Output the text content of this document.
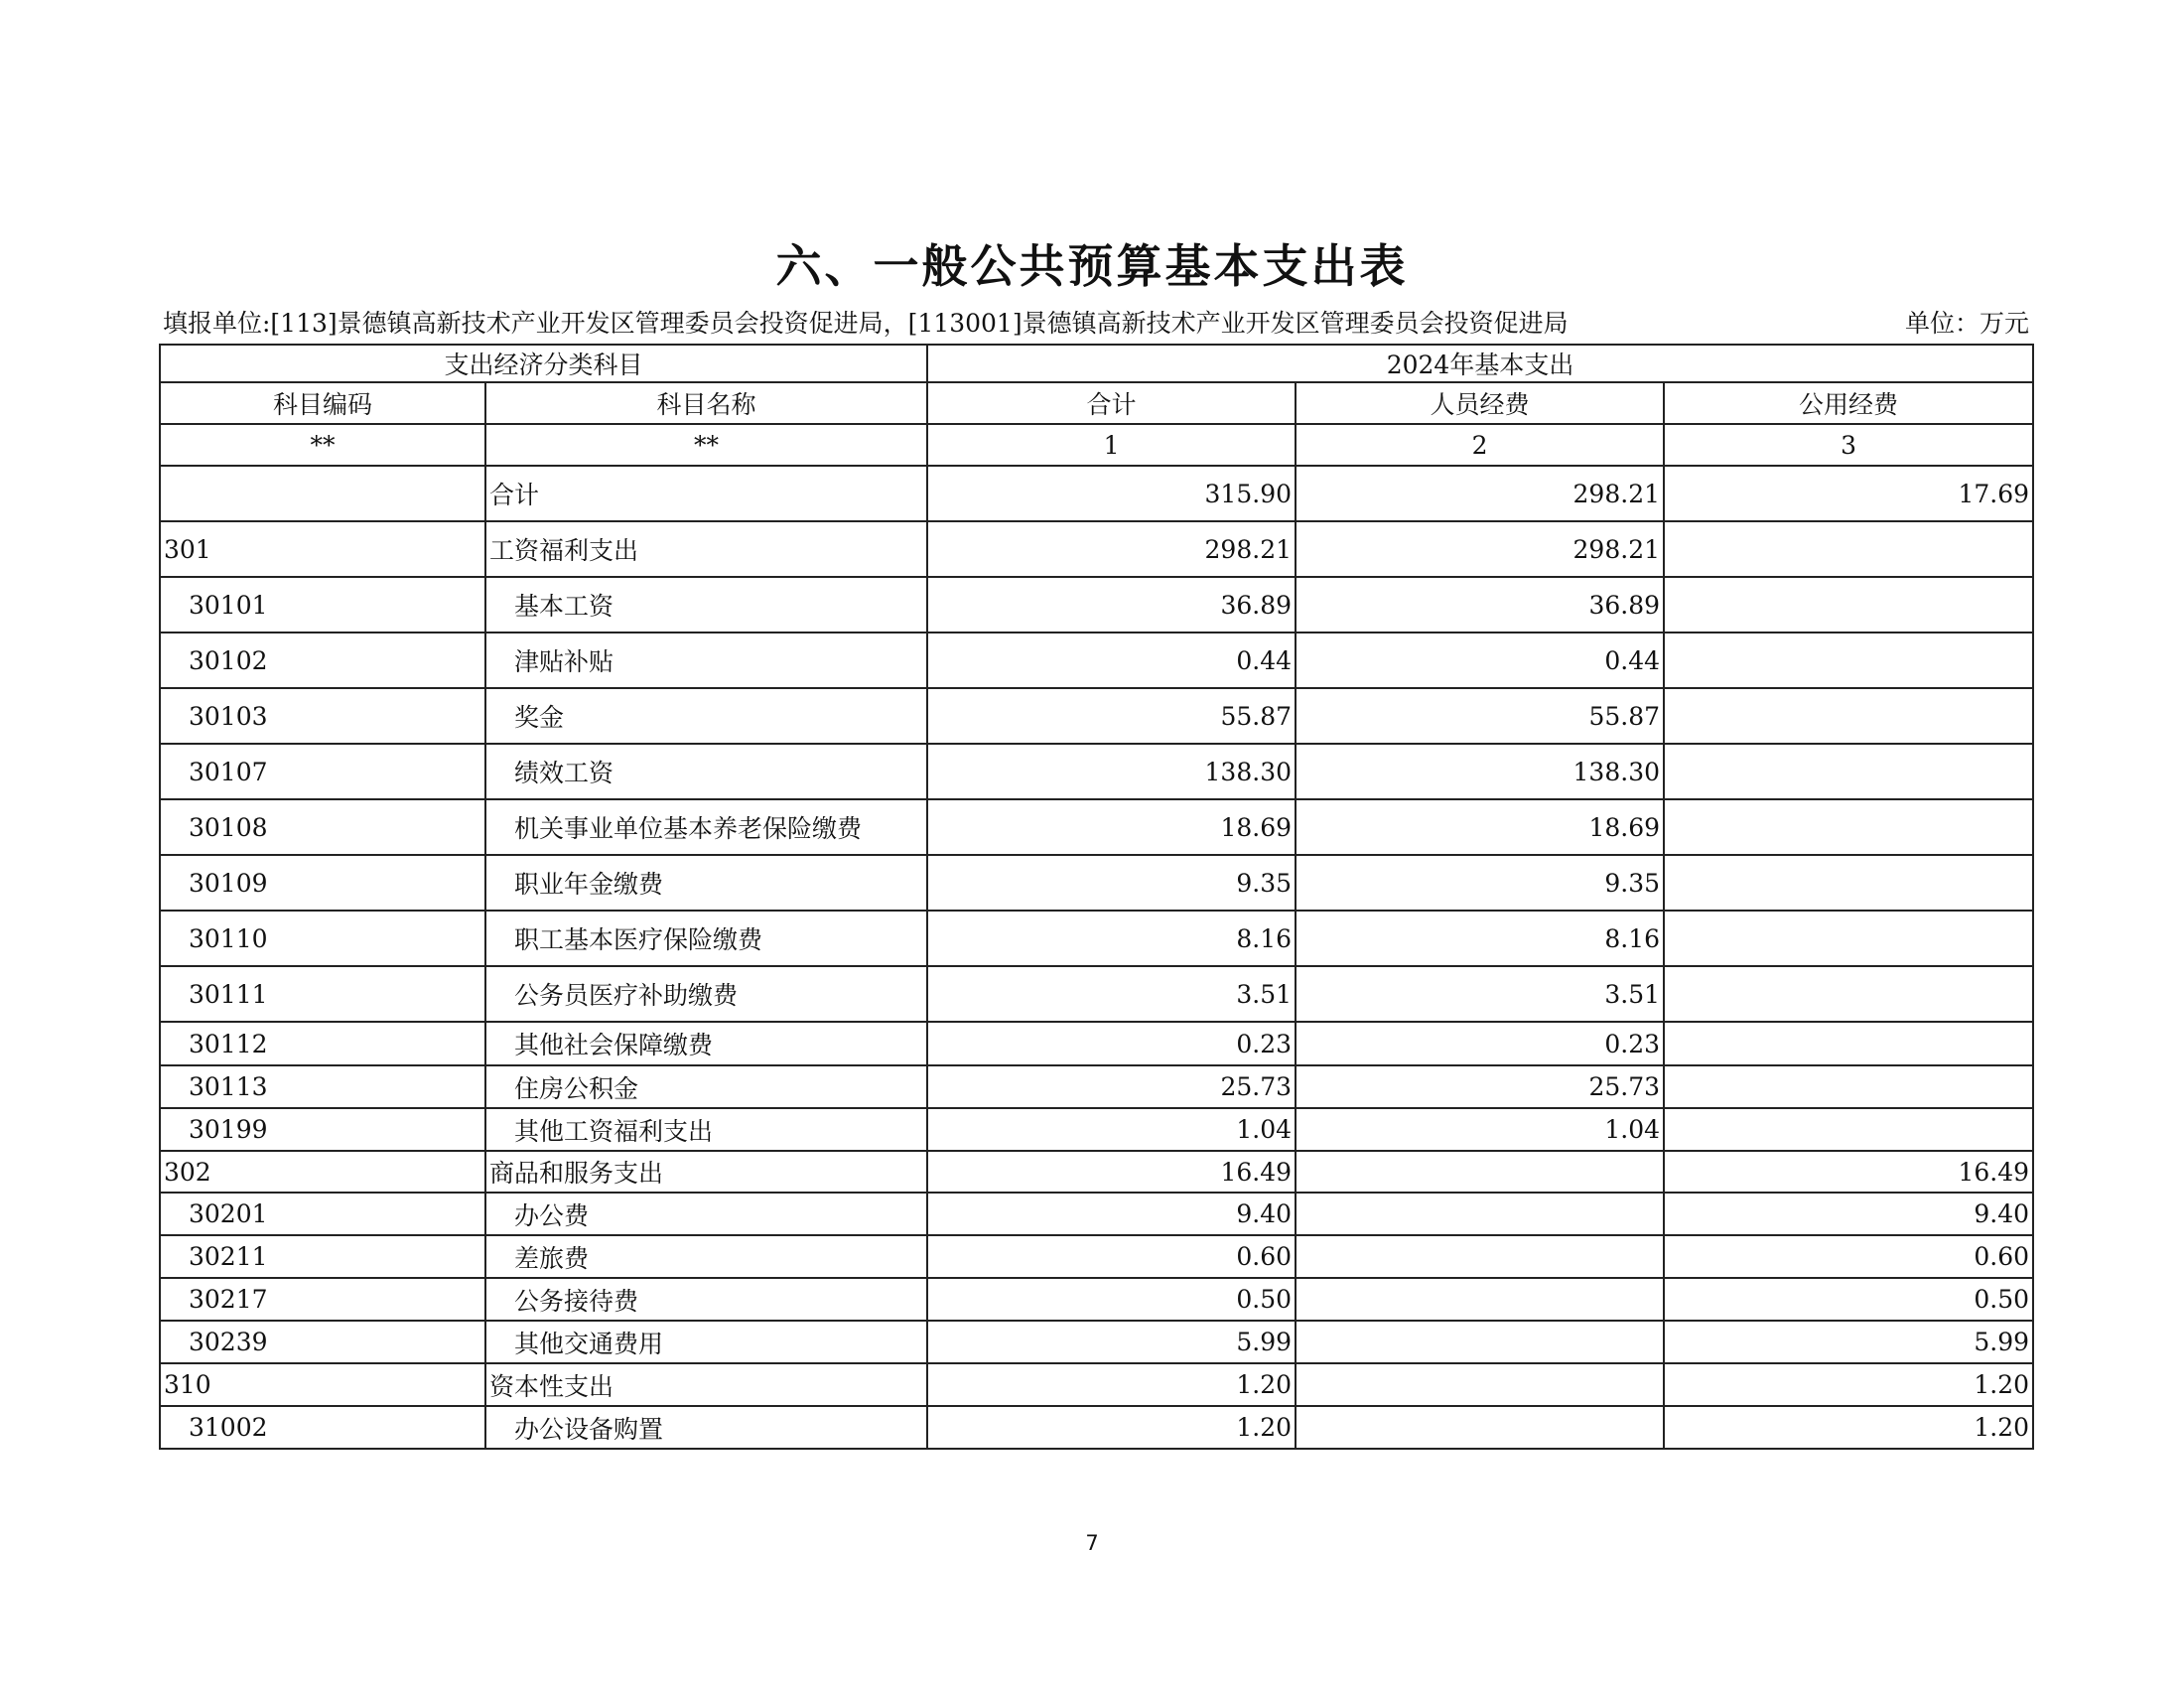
六、一般公共预算基本支出表
填报单位:[113]景德镇高新技术产业开发区管理委员会投资促进局，[113001]景德镇高新技术产业开发区管理委员会投资促进局	单位：万元
支出经济分类科目		2024年基本支出		
科目编码	科目名称	合计	人员经费	公用经费
**	**	1	2	3
	合计	315.90	298.21	17.69
301	工资福利支出	298.21	298.21	
30101	基本工资	36.89	36.89	
30102	津贴补贴	0.44	0.44	
30103	奖金	55.87	55.87	
30107	绩效工资	138.30	138.30	
30108	机关事业单位基本养老保险缴费	18.69	18.69	
30109	职业年金缴费	9.35	9.35	
30110	职工基本医疗保险缴费	8.16	8.16	
30111	公务员医疗补助缴费	3.51	3.51	
30112	其他社会保障缴费	0.23	0.23	
30113	住房公积金	25.73	25.73	
30199	其他工资福利支出	1.04	1.04	
302	商品和服务支出	16.49		16.49
30201	办公费	9.40		9.40
30211	差旅费	0.60		0.60
30217	公务接待费	0.50		0.50
30239	其他交通费用	5.99		5.99
310	资本性支出	1.20		1.20
31002	办公设备购置	1.20		1.20
7
